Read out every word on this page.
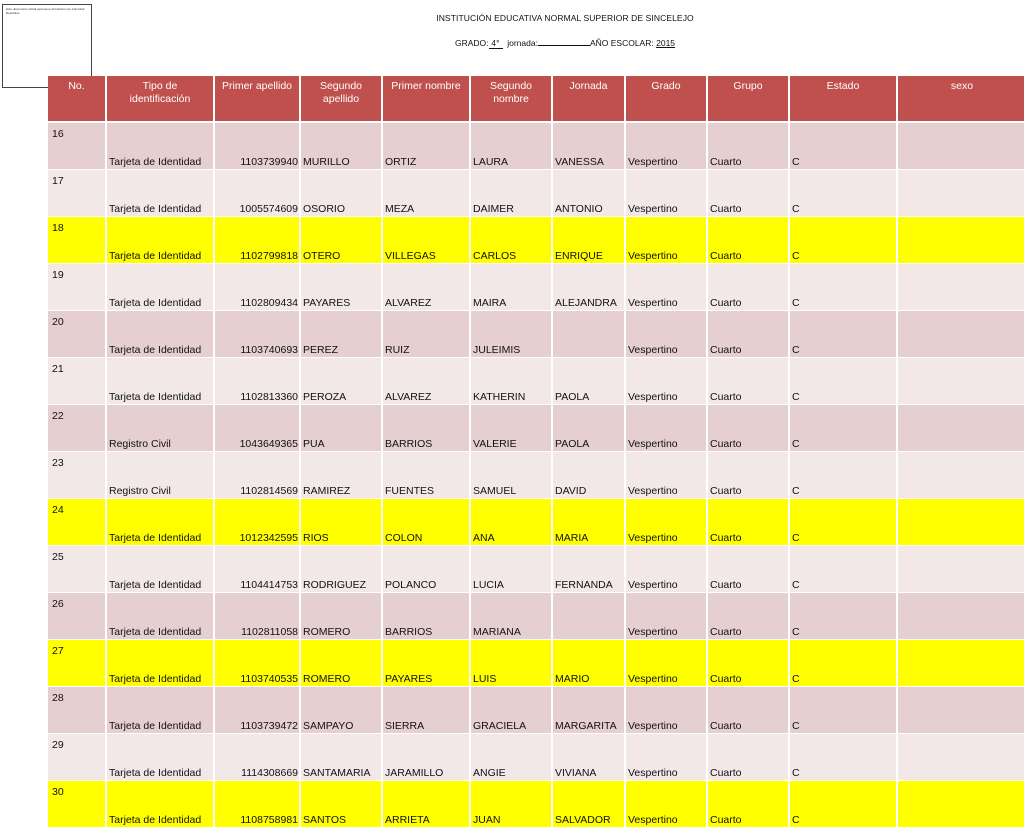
Este documento oficial pertenece al Gobierno de Colombia Republica	INSTITUCIÓN EDUCATIVA NORMAL SUPERIOR DE SINCELEJO
GRADO: 4° jornada:	AÑO ESCOLAR: 2015
No.	Tipo de identificación	Primer apellido	Segundo apellido	Primer nombre	Segundo nombre	Jornada	Grado	Grupo	Estado	sexo	
16	Tarjeta de Identidad	1103739940	MURILLO	ORTIZ	LAURA	VANESSA	Vespertino	Cuarto	C		
17	Tarjeta de Identidad	1005574609	OSORIO	MEZA	DAIMER	ANTONIO	Vespertino	Cuarto	C		
18	Tarjeta de Identidad	1102799818	OTERO	VILLEGAS	CARLOS	ENRIQUE	Vespertino	Cuarto	C		
19	Tarjeta de Identidad	1102809434	PAYARES	ALVAREZ	MAIRA	ALEJANDRA	Vespertino	Cuarto	C		
20	Tarjeta de Identidad	1103740693	PEREZ	RUIZ	JULEIMIS		Vespertino	Cuarto	C		
21	Tarjeta de Identidad	1102813360	PEROZA	ALVAREZ	KATHERIN	PAOLA	Vespertino	Cuarto	C		
22	Registro Civil	1043649365	PUA	BARRIOS	VALERIE	PAOLA	Vespertino	Cuarto	C		
23	Registro Civil	1102814569	RAMIREZ	FUENTES	SAMUEL	DAVID	Vespertino	Cuarto	C		
24	Tarjeta de Identidad	1012342595	RIOS	COLON	ANA	MARIA	Vespertino	Cuarto	C		
25	Tarjeta de Identidad	1104414753	RODRIGUEZ	POLANCO	LUCIA	FERNANDA	Vespertino	Cuarto	C		
26	Tarjeta de Identidad	1102811058	ROMERO	BARRIOS	MARIANA		Vespertino	Cuarto	C		
27	Tarjeta de Identidad	1103740535	ROMERO	PAYARES	LUIS	MARIO	Vespertino	Cuarto	C		
28	Tarjeta de Identidad	1103739472	SAMPAYO	SIERRA	GRACIELA	MARGARITA	Vespertino	Cuarto	C		
29	Tarjeta de Identidad	1114308669	SANTAMARIA	JARAMILLO	ANGIE	VIVIANA	Vespertino	Cuarto	C		
30	Tarjeta de Identidad	1108758981	SANTOS	ARRIETA	JUAN	SALVADOR	Vespertino	Cuarto	C		
